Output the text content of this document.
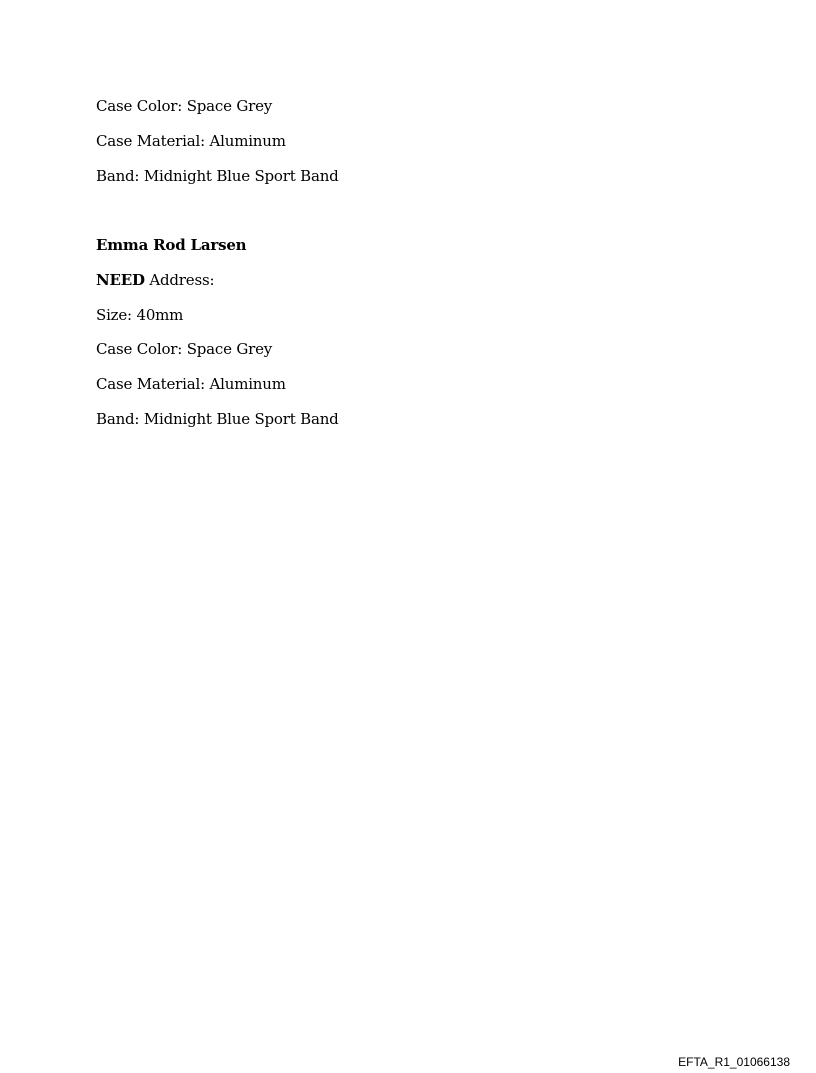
Case Color: Space Grey
Case Material: Aluminum
Band: Midnight Blue Sport Band
Emma Rod Larsen
NEED Address:
Size: 40mm
Case Color: Space Grey
Case Material: Aluminum
Band: Midnight Blue Sport Band
EFTA_R1_01066138
